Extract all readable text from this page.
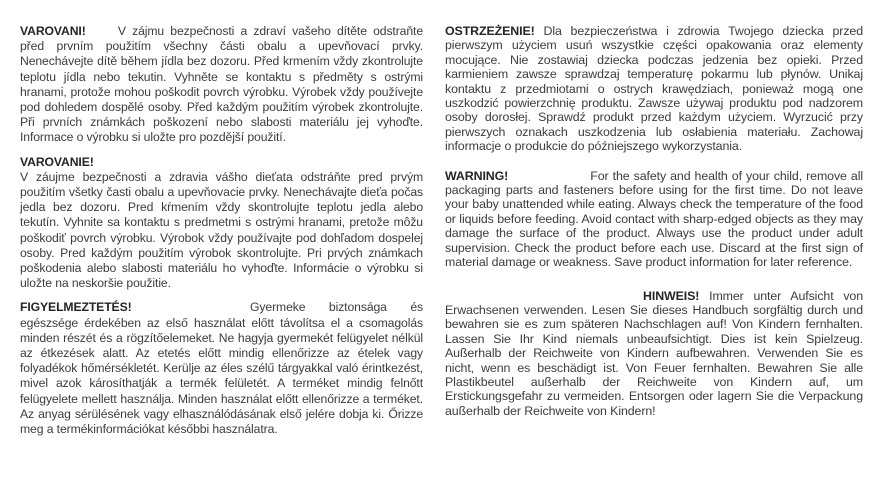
VAROVANI! V zájmu bezpečnosti a zdraví vašeho dítěte odstraňte před prvním použitím všechny části obalu a upevňovací prvky. Nenechávejte dítě během jídla bez dozoru. Před krmením vždy zkontrolujte teplotu jídla nebo tekutin. Vyhněte se kontaktu s předměty s ostrými hranami, protože mohou poškodit povrch výrobku. Výrobek vždy používejte pod dohledem dospělé osoby. Před každým použitím výrobek zkontrolujte. Při prvních známkách poškození nebo slabosti materiálu jej vyhoďte. Informace o výrobku si uložte pro pozdější použití.

VAROVANIE!

V záujme bezpečnosti a zdravia vášho dieťata odstráňte pred prvým použitím všetky časti obalu a upevňovacie prvky. Nenechávajte dieťa počas jedla bez dozoru. Pred kŕmením vždy skontrolujte teplotu jedla alebo tekutín. Vyhnite sa kontaktu s predmetmi s ostrými hranami, pretože môžu poškodiť povrch výrobku. Výrobok vždy používajte pod dohľadom dospelej osoby. Pred každým použitím výrobok skontrolujte. Pri prvých známkach poškodenia alebo slabosti materiálu ho vyhoďte. Informácie o výrobku si uložte na neskoršie použitie.

FIGYELMEZTETÉS!	Gyermeke biztonsága és egészsége érdekében az első használat előtt távolítsa el a csomagolás minden részét és a rögzítőelemeket. Ne hagyja gyermekét felügyelet nélkül az étkezések alatt. Az etetés előtt mindig ellenőrizze az ételek vagy folyadékok hőmérsékletét. Kerülje az éles szélű tárgyakkal való érintkezést, mivel azok károsíthatják a termék felületét. A terméket mindig felnőtt felügyelete mellett használja. Minden használat előtt ellenőrizze a terméket. Az anyag sérülésének vagy elhasználódásának első jelére dobja ki. Őrizze meg a termékinformációkat későbbi használatra.

OSTRZEŻENIE! Dla bezpieczeństwa i zdrowia Twojego dziecka przed pierwszym użyciem usuń wszystkie części opakowania oraz elementy mocujące. Nie zostawiaj dziecka podczas jedzenia bez opieki. Przed karmieniem zawsze sprawdzaj temperaturę pokarmu lub płynów. Unikaj kontaktu z przedmiotami o ostrych krawędziach, ponieważ mogą one uszkodzić powierzchnię produktu. Zawsze używaj produktu pod nadzorem osoby dorosłej. Sprawdź produkt przed każdym użyciem. Wyrzucić przy pierwszych oznakach uszkodzenia lub osłabienia materiału. Zachowaj informacje o produkcie do późniejszego wykorzystania.

WARNING!	For the safety and health of your child, remove all packaging parts and fasteners before using for the first time. Do not leave your baby unattended while eating. Always check the temperature of the food or liquids before feeding. Avoid contact with sharp-edged objects as they may damage the surface of the product. Always use the product under adult supervision. Check the product before each use. Discard at the first sign of material damage or weakness. Save product information for later reference.

HINWEIS! Immer unter Aufsicht von Erwachsenen verwenden. Lesen Sie dieses Handbuch sorgfältig durch und bewahren sie es zum späteren Nachschlagen auf! Von Kindern fernhalten. Lassen Sie Ihr Kind niemals unbeaufsichtigt. Dies ist kein Spielzeug. Außerhalb der Reichweite von Kindern aufbewahren. Verwenden Sie es nicht, wenn es beschädigt ist. Von Feuer fernhalten. Bewahren Sie alle Plastikbeutel außerhalb der Reichweite von Kindern auf, um Erstickungsgefahr zu vermeiden. Entsorgen oder lagern Sie die Verpackung außerhalb der Reichweite von Kindern!
